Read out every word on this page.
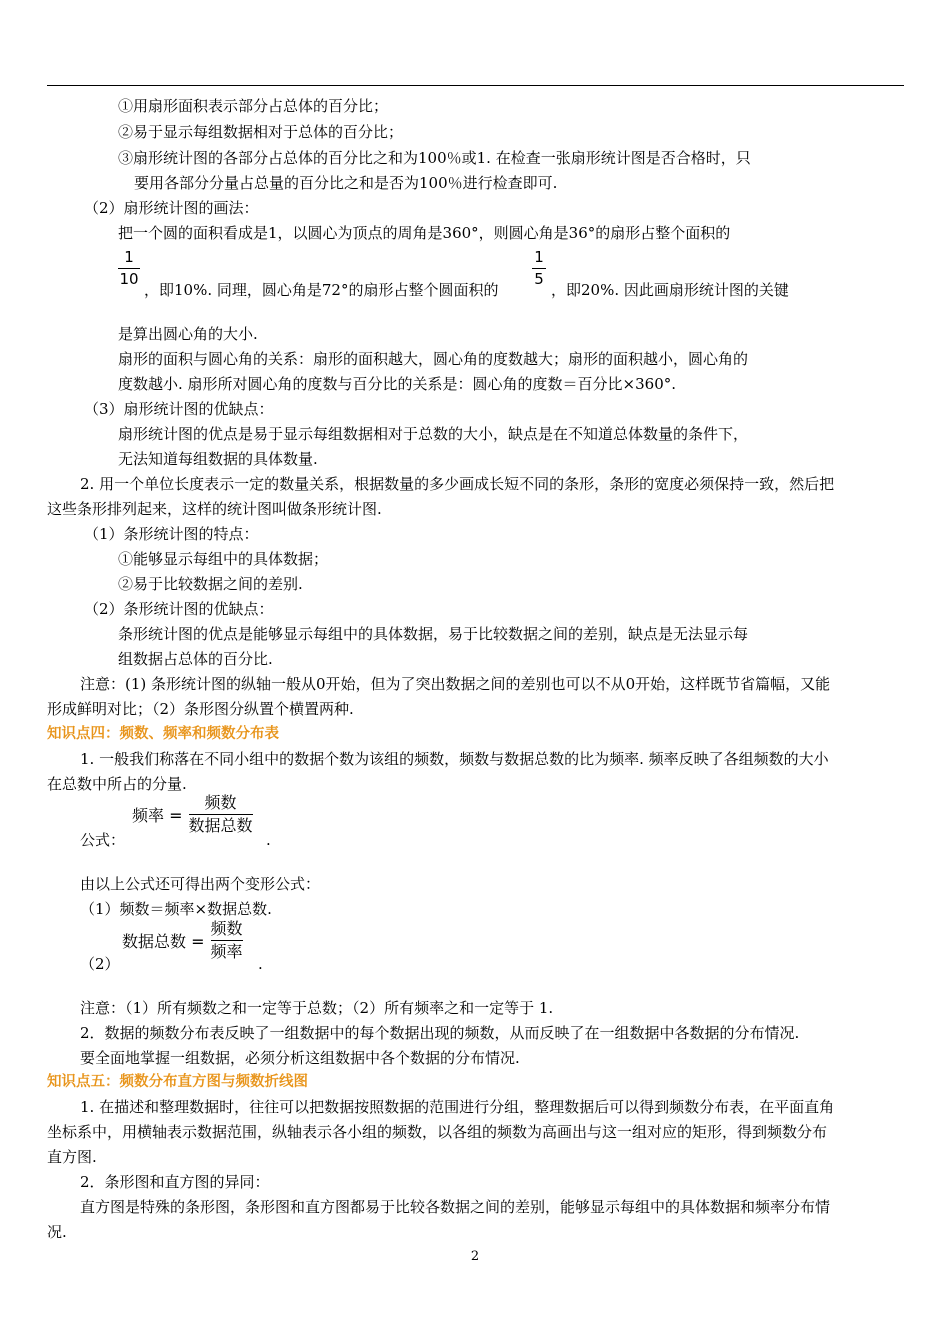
①用扇形面积表示部分占总体的百分比；
②易于显示每组数据相对于总体的百分比；
③扇形统计图的各部分占总体的百分比之和为100％或1. 在检查一张扇形统计图是否合格时，只
要用各部分分量占总量的百分比之和是否为100％进行检查即可.
（2）扇形统计图的画法：
把一个圆的面积看成是1，以圆心为顶点的周角是360°，则圆心角是36°的扇形占整个面积的
1
10
，即10%. 同理，圆心角是72°的扇形占整个圆面积的
1
5
，即20%. 因此画扇形统计图的关键
是算出圆心角的大小.
扇形的面积与圆心角的关系：扇形的面积越大，圆心角的度数越大；扇形的面积越小，圆心角的
度数越小. 扇形所对圆心角的度数与百分比的关系是：圆心角的度数＝百分比×360°.
（3）扇形统计图的优缺点：
扇形统计图的优点是易于显示每组数据相对于总数的大小，缺点是在不知道总体数量的条件下，
无法知道每组数据的具体数量.
2. 用一个单位长度表示一定的数量关系，根据数量的多少画成长短不同的条形，条形的宽度必须保持一致，然后把
这些条形排列起来，这样的统计图叫做条形统计图.
（1）条形统计图的特点：
①能够显示每组中的具体数据；
②易于比较数据之间的差别.
（2）条形统计图的优缺点：
条形统计图的优点是能够显示每组中的具体数据，易于比较数据之间的差别，缺点是无法显示每
组数据占总体的百分比.
注意：(1) 条形统计图的纵轴一般从0开始，但为了突出数据之间的差别也可以不从0开始，这样既节省篇幅，又能
形成鲜明对比；（2）条形图分纵置个横置两种.
知识点四：频数、频率和频数分布表
1. 一般我们称落在不同小组中的数据个数为该组的频数，频数与数据总数的比为频率. 频率反映了各组频数的大小
在总数中所占的分量.
频率 =
频数
数据总数
公式：	.
由以上公式还可得出两个变形公式：
（1）频数＝频率×数据总数.
数据总数 =
频数
频率
（2）	.
注意：（1）所有频数之和一定等于总数；（2）所有频率之和一定等于 1.
2．数据的频数分布表反映了一组数据中的每个数据出现的频数，从而反映了在一组数据中各数据的分布情况.
要全面地掌握一组数据，必须分析这组数据中各个数据的分布情况.
知识点五：频数分布直方图与频数折线图
1. 在描述和整理数据时，往往可以把数据按照数据的范围进行分组，整理数据后可以得到频数分布表，在平面直角
坐标系中，用横轴表示数据范围，纵轴表示各小组的频数，以各组的频数为高画出与这一组对应的矩形，得到频数分布
直方图.
2．条形图和直方图的异同：
直方图是特殊的条形图，条形图和直方图都易于比较各数据之间的差别，能够显示每组中的具体数据和频率分布情
况.
2
